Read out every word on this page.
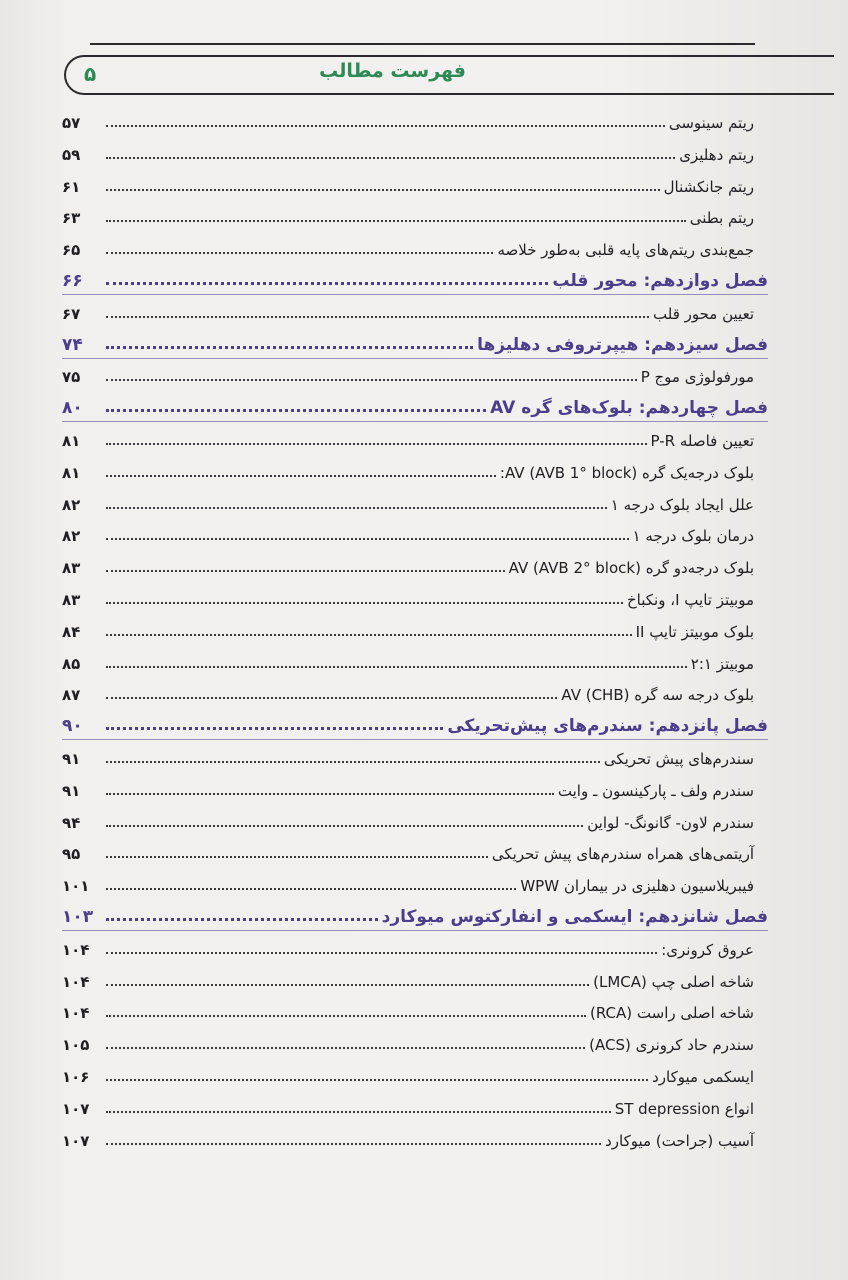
۵	فهرست مطالب
ریتم سینوسی
۵۷
ریتم دهلیزی
۵۹
ریتم جانکشنال
۶۱
ریتم بطنی
۶۳
جمع‌بندی ریتم‌های پایه قلبی به‌طور خلاصه
۶۵
فصل دوازدهم: محور قلب
۶۶
تعیین محور قلب
۶۷
فصل سیزدهم: هیپرتروفی دهلیزها
۷۴
مورفولوژی موج P
۷۵
فصل چهاردهم: بلوک‌های گره AV
۸۰
تعیین فاصله P-R
۸۱
بلوک درجه‌یک گره AV (AVB 1° block):
۸۱
علل ایجاد بلوک درجه ۱
۸۲
درمان بلوک درجه ۱
۸۲
بلوک درجه‌دو گره AV (AVB 2° block)
۸۳
موبیتز تایپ I، ونکباخ
۸۳
بلوک موبیتز تایپ II
۸۴
موبیتز ۲:۱
۸۵
بلوک درجه سه گره AV (CHB)
۸۷
فصل پانزدهم: سندرم‌های پیش‌تحریکی
۹۰
سندرم‌های پیش تحریکی
۹۱
سندرم ولف ـ پارکینسون ـ وایت
۹۱
سندرم لاون- گانونگ- لواین
۹۴
آریتمی‌های همراه سندرم‌های پیش تحریکی
۹۵
فیبریلاسیون دهلیزی در بیماران WPW
۱۰۱
فصل شانزدهم: ایسکمی و انفارکتوس میوکارد
۱۰۳
عروق کرونری:
۱۰۴
شاخه اصلی چپ (LMCA)
۱۰۴
شاخه اصلی راست (RCA)
۱۰۴
سندرم حاد کرونری (ACS)
۱۰۵
ایسکمی میوکارد
۱۰۶
انواع ST depression
۱۰۷
آسیب (جراحت) میوکارد
۱۰۷
